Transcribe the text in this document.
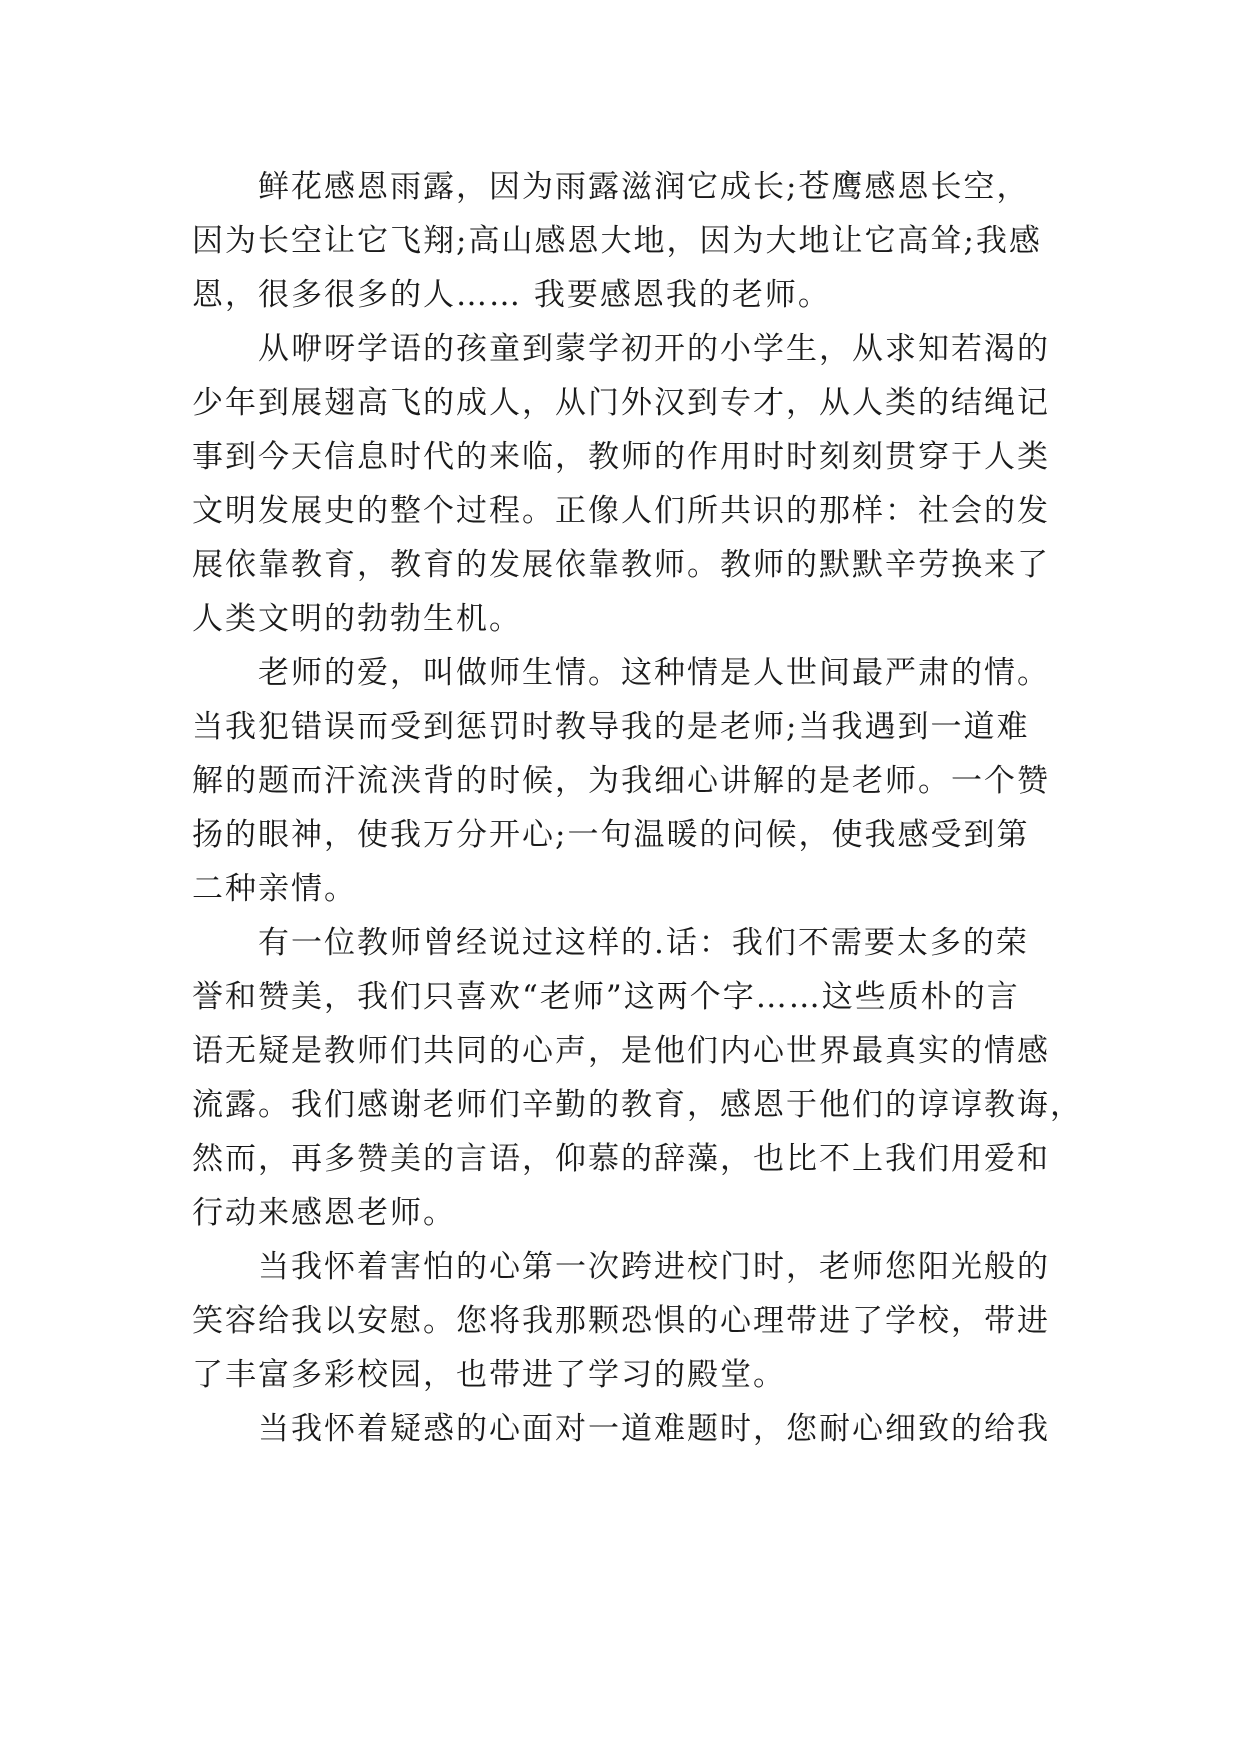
鲜花感恩雨露，因为雨露滋润它成长;苍鹰感恩长空，
因为长空让它飞翔;高山感恩大地，因为大地让它高耸;我感
恩，很多很多的人…… 我要感恩我的老师。
从咿呀学语的孩童到蒙学初开的小学生，从求知若渴的
少年到展翅高飞的成人，从门外汉到专才，从人类的结绳记
事到今天信息时代的来临，教师的作用时时刻刻贯穿于人类
文明发展史的整个过程。正像人们所共识的那样：社会的发
展依靠教育，教育的发展依靠教师。教师的默默辛劳换来了
人类文明的勃勃生机。
老师的爱，叫做师生情。这种情是人世间最严肃的情。
当我犯错误而受到惩罚时教导我的是老师;当我遇到一道难
解的题而汗流浃背的时候，为我细心讲解的是老师。一个赞
扬的眼神，使我万分开心;一句温暖的问候，使我感受到第
二种亲情。
有一位教师曾经说过这样的.话：我们不需要太多的荣
誉和赞美，我们只喜欢“老师”这两个字……这些质朴的言
语无疑是教师们共同的心声，是他们内心世界最真实的情感
流露。我们感谢老师们辛勤的教育，感恩于他们的谆谆教诲，
然而，再多赞美的言语，仰慕的辞藻，也比不上我们用爱和
行动来感恩老师。
当我怀着害怕的心第一次跨进校门时，老师您阳光般的
笑容给我以安慰。您将我那颗恐惧的心理带进了学校，带进
了丰富多彩校园，也带进了学习的殿堂。
当我怀着疑惑的心面对一道难题时，您耐心细致的给我
